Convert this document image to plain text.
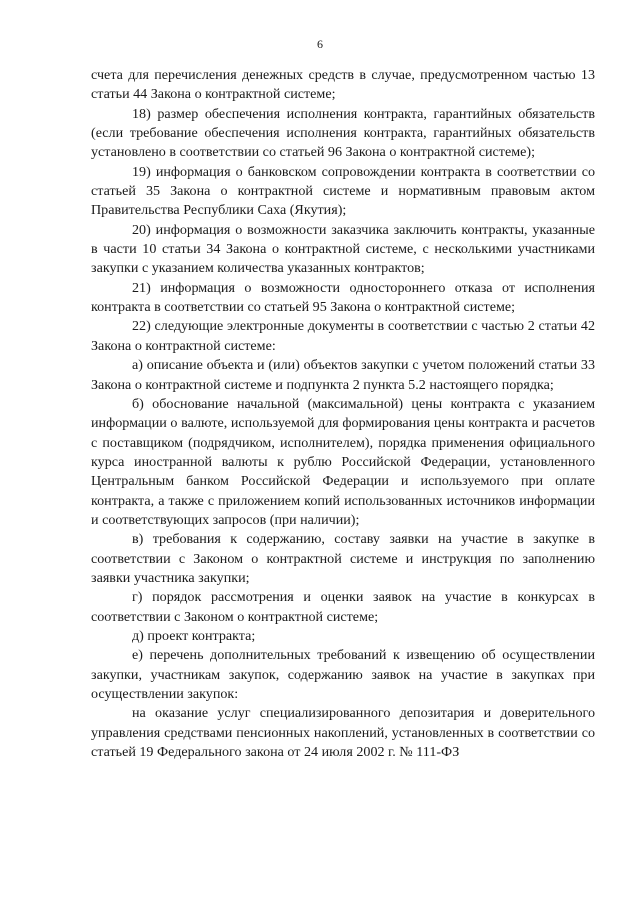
6

счета для перечисления денежных средств в случае, предусмотренном частью 13 статьи 44 Закона о контрактной системе;

18) размер обеспечения исполнения контракта, гарантийных обязательств (если требование обеспечения исполнения контракта, гарантийных обязательств установлено в соответствии со статьей 96 Закона о контрактной системе);

19) информация о банковском сопровождении контракта в соответствии со статьей 35 Закона о контрактной системе и нормативным правовым актом Правительства Республики Саха (Якутия);

20) информация о возможности заказчика заключить контракты, указанные в части 10 статьи 34 Закона о контрактной системе, с несколькими участниками закупки с указанием количества указанных контрактов;

21) информация о возможности одностороннего отказа от исполнения контракта в соответствии со статьей 95 Закона о контрактной системе;

22) следующие электронные документы в соответствии с частью 2 статьи 42 Закона о контрактной системе:

а) описание объекта и (или) объектов закупки с учетом положений статьи 33 Закона о контрактной системе и подпункта 2 пункта 5.2 настоящего порядка;

б) обоснование начальной (максимальной) цены контракта с указанием информации о валюте, используемой для формирования цены контракта и расчетов с поставщиком (подрядчиком, исполнителем), порядка применения официального курса иностранной валюты к рублю Российской Федерации, установленного Центральным банком Российской Федерации и используемого при оплате контракта, а также с приложением копий использованных источников информации и соответствующих запросов (при наличии);

в) требования к содержанию, составу заявки на участие в закупке в соответствии с Законом о контрактной системе и инструкция по заполнению заявки участника закупки;

г) порядок рассмотрения и оценки заявок на участие в конкурсах в соответствии с Законом о контрактной системе;

д) проект контракта;

е) перечень дополнительных требований к извещению об осуществлении закупки, участникам закупок, содержанию заявок на участие в закупках при осуществлении закупок:

на оказание услуг специализированного депозитария и доверительного управления средствами пенсионных накоплений, установленных в соответствии со статьей 19 Федерального закона от 24 июля 2002 г. № 111-ФЗ
